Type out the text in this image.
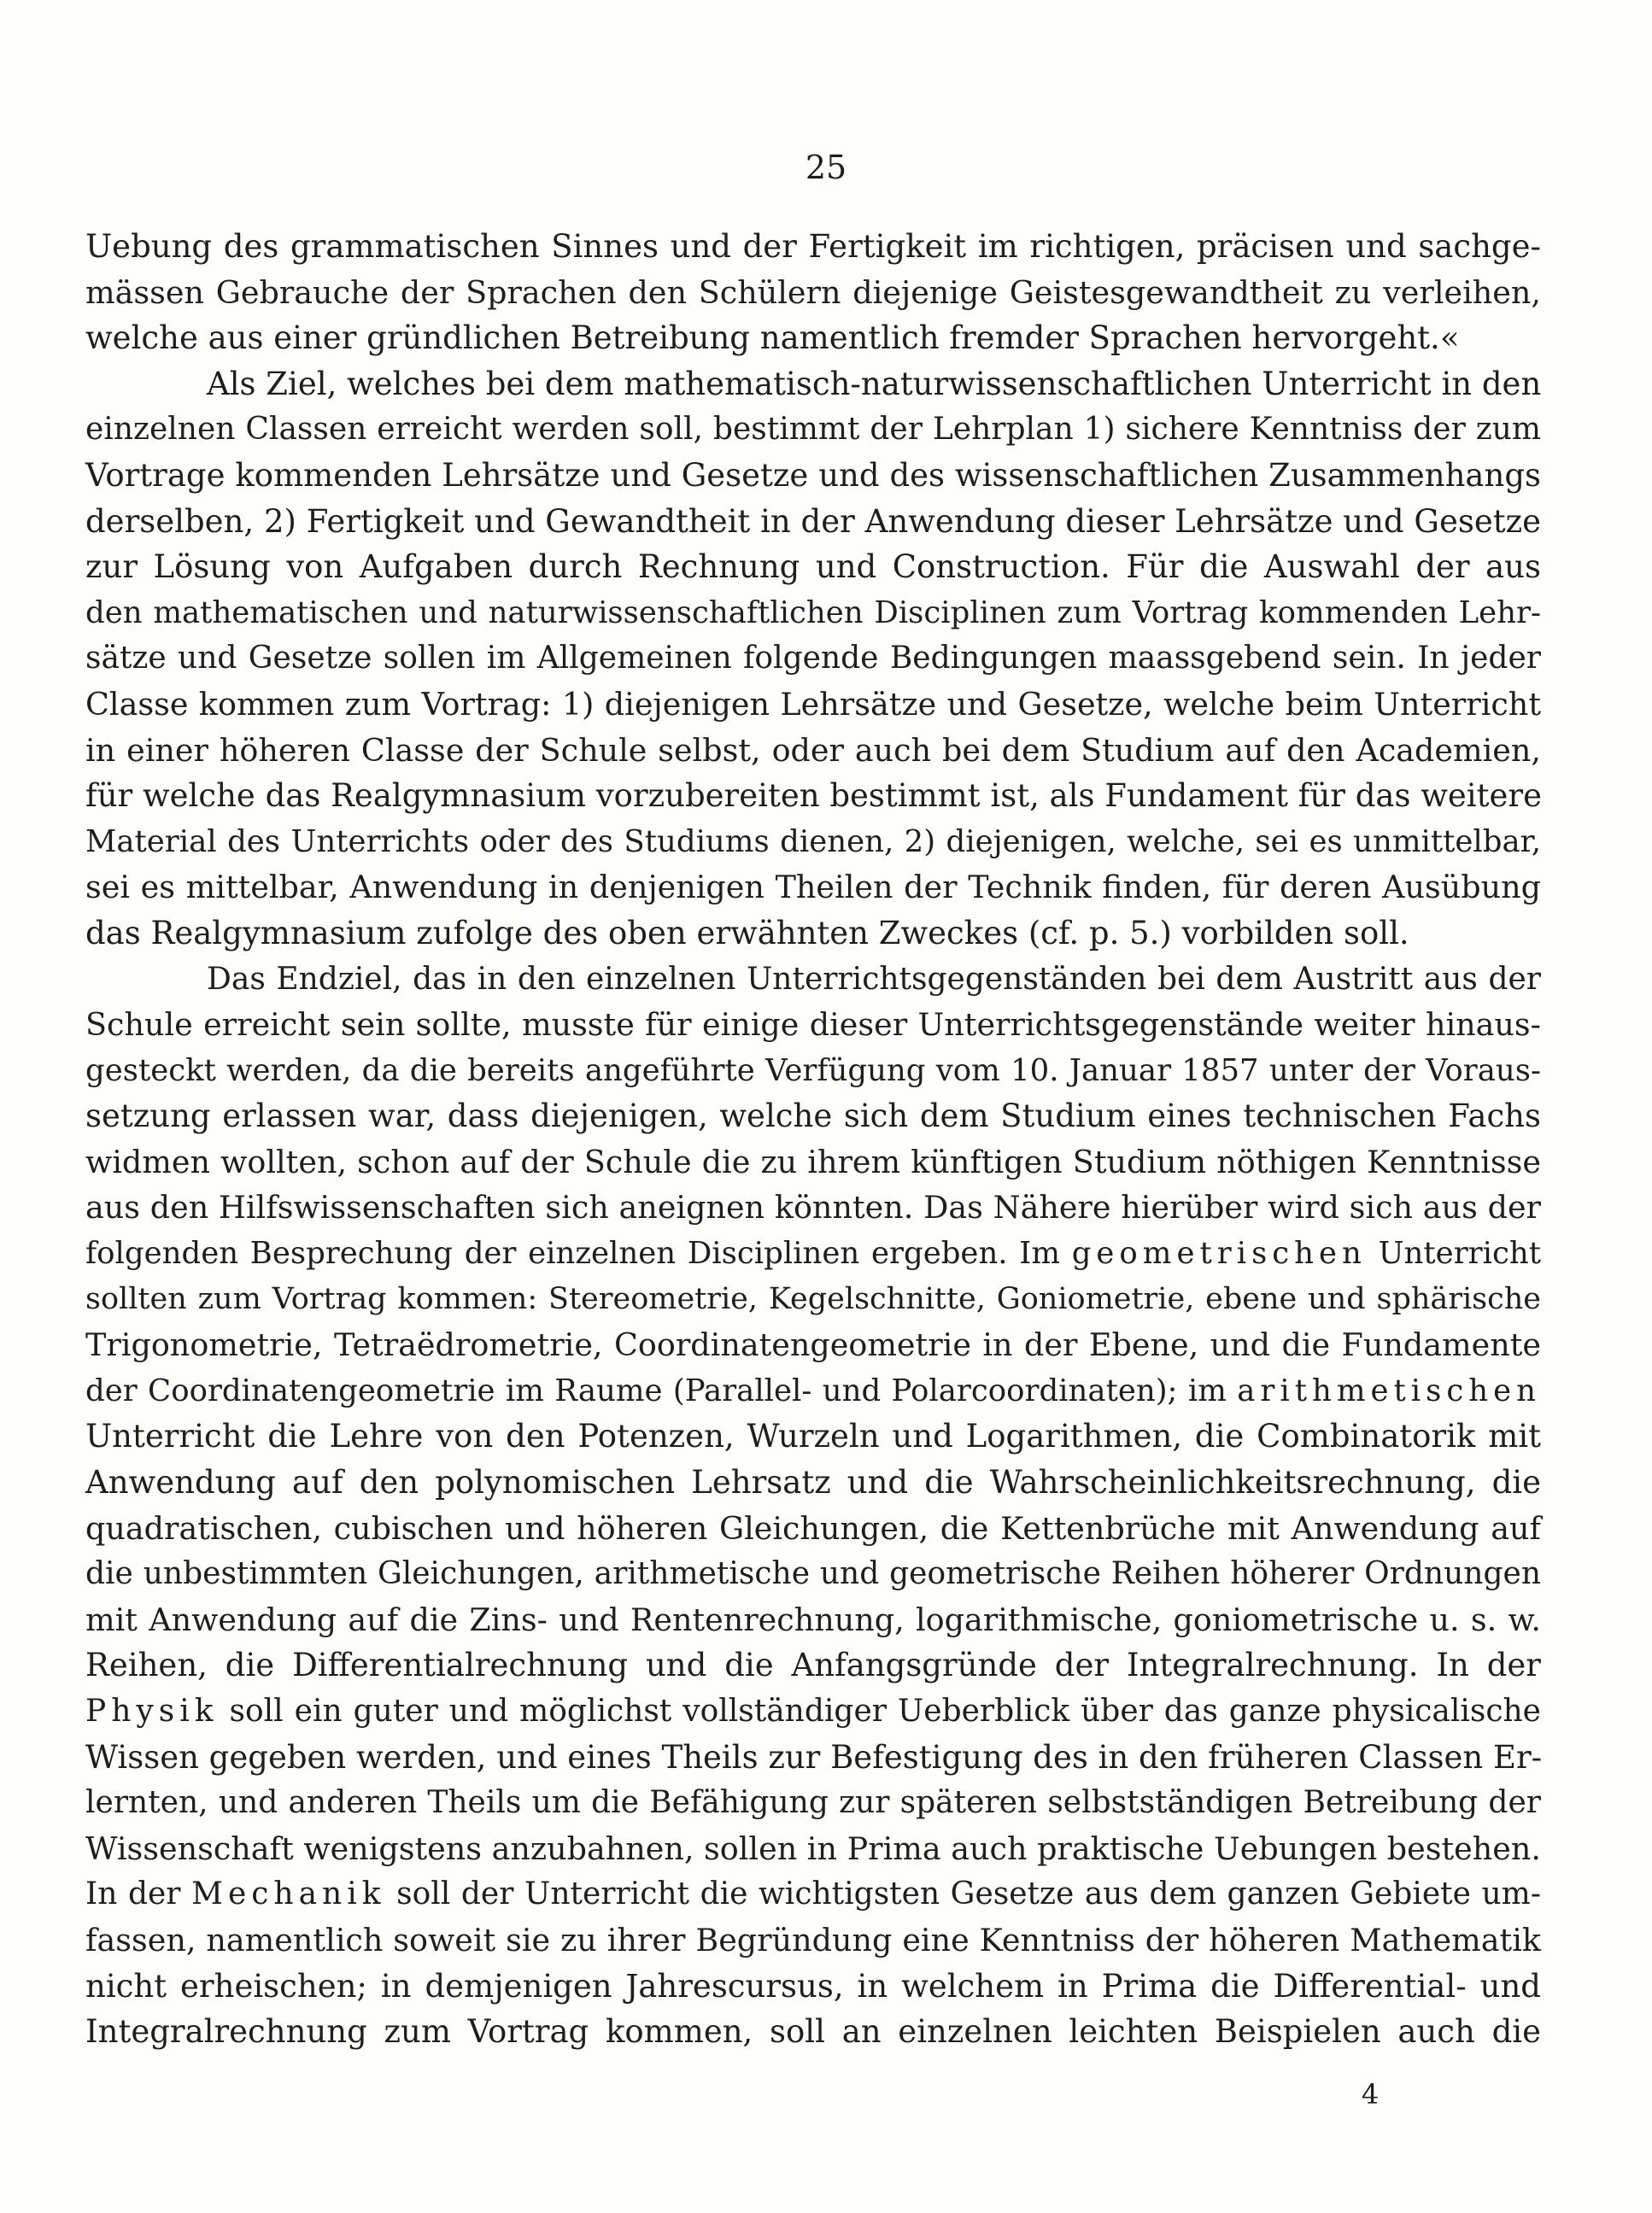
25
Uebung des grammatischen Sinnes und der Fertigkeit im richtigen, präcisen und sachge-
mässen Gebrauche der Sprachen den Schülern diejenige Geistesgewandtheit zu verleihen,
welche aus einer gründlichen Betreibung namentlich fremder Sprachen hervorgeht.«
Als Ziel, welches bei dem mathematisch-naturwissenschaftlichen Unterricht in den
einzelnen Classen erreicht werden soll, bestimmt der Lehrplan 1) sichere Kenntniss der zum
Vortrage kommenden Lehrsätze und Gesetze und des wissenschaftlichen Zusammenhangs
derselben, 2) Fertigkeit und Gewandtheit in der Anwendung dieser Lehrsätze und Gesetze
zur Lösung von Aufgaben durch Rechnung und Construction. Für die Auswahl der aus
den mathematischen und naturwissenschaftlichen Disciplinen zum Vortrag kommenden Lehr-
sätze und Gesetze sollen im Allgemeinen folgende Bedingungen maassgebend sein. In jeder
Classe kommen zum Vortrag: 1) diejenigen Lehrsätze und Gesetze, welche beim Unterricht
in einer höheren Classe der Schule selbst, oder auch bei dem Studium auf den Academien,
für welche das Realgymnasium vorzubereiten bestimmt ist, als Fundament für das weitere
Material des Unterrichts oder des Studiums dienen, 2) diejenigen, welche, sei es unmittelbar,
sei es mittelbar, Anwendung in denjenigen Theilen der Technik finden, für deren Ausübung
das Realgymnasium zufolge des oben erwähnten Zweckes (cf. p. 5.) vorbilden soll.
Das Endziel, das in den einzelnen Unterrichtsgegenständen bei dem Austritt aus der
Schule erreicht sein sollte, musste für einige dieser Unterrichtsgegenstände weiter hinaus-
gesteckt werden, da die bereits angeführte Verfügung vom 10. Januar 1857 unter der Voraus-
setzung erlassen war, dass diejenigen, welche sich dem Studium eines technischen Fachs
widmen wollten, schon auf der Schule die zu ihrem künftigen Studium nöthigen Kenntnisse
aus den Hilfswissenschaften sich aneignen könnten. Das Nähere hierüber wird sich aus der
folgenden Besprechung der einzelnen Disciplinen ergeben. Im geometrischen Unterricht
sollten zum Vortrag kommen: Stereometrie, Kegelschnitte, Goniometrie, ebene und sphärische
Trigonometrie, Tetraëdrometrie, Coordinatengeometrie in der Ebene, und die Fundamente
der Coordinatengeometrie im Raume (Parallel- und Polarcoordinaten); im arithmetischen
Unterricht die Lehre von den Potenzen, Wurzeln und Logarithmen, die Combinatorik mit
Anwendung auf den polynomischen Lehrsatz und die Wahrscheinlichkeitsrechnung, die
quadratischen, cubischen und höheren Gleichungen, die Kettenbrüche mit Anwendung auf
die unbestimmten Gleichungen, arithmetische und geometrische Reihen höherer Ordnungen
mit Anwendung auf die Zins- und Rentenrechnung, logarithmische, goniometrische u. s. w.
Reihen, die Differentialrechnung und die Anfangsgründe der Integralrechnung. In der
Physik soll ein guter und möglichst vollständiger Ueberblick über das ganze physicalische
Wissen gegeben werden, und eines Theils zur Befestigung des in den früheren Classen Er-
lernten, und anderen Theils um die Befähigung zur späteren selbstständigen Betreibung der
Wissenschaft wenigstens anzubahnen, sollen in Prima auch praktische Uebungen bestehen.
In der Mechanik soll der Unterricht die wichtigsten Gesetze aus dem ganzen Gebiete um-
fassen, namentlich soweit sie zu ihrer Begründung eine Kenntniss der höheren Mathematik
nicht erheischen; in demjenigen Jahrescursus, in welchem in Prima die Differential- und
Integralrechnung zum Vortrag kommen, soll an einzelnen leichten Beispielen auch die
4
